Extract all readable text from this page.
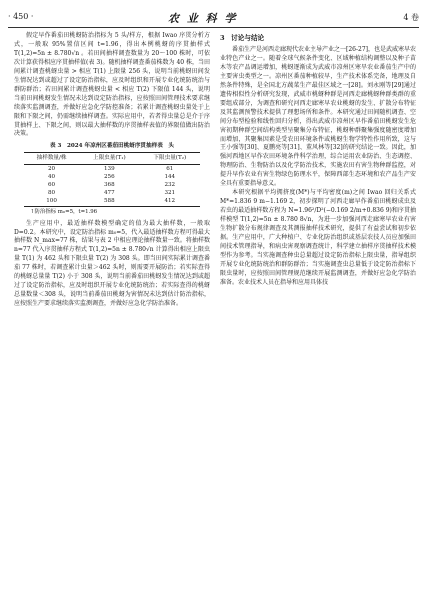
· 450 ·	农 业 科 学	4 卷

假定早作番茄田桃蚜防治指标为 5 头/样方，根据 Iwao 序贯分析方式，一般取 95%置信区间 t=1.96，得出本例桃蚜的序贯抽样式 T(1,2)=5n ± 8.780√n 。若田间抽样调查数量为 20～100 株时，可依次计算获得相应序贯抽样值(表 3)。随机抽样调查番茄株数为 40 株，当田间累计调查桃蚜虫量 > 相应 T(1) 上限量 256 头，说明当前桃蚜田间发生情况达到或超过了设定防治指标，应及时组织和开展专业化统防统治与群防群治；若田间累计调查桃蚜虫量 < 相应 T(2) 下限值 144 头，说明当前田间桃蚜发生情况未达到设定防治指标，应按照田间管理技术要求继续落实监测调查，并做好应急化学防控准备；若累计调查桃蚜虫量处于上限和下限之间，仍需继续抽样调查。实际应用中，若者得虫量总是介于序贯抽样上、下限之间，则以最大抽样数的序贯抽样表值的界限值做出防治决策。

表 3　2024 年凉州区番茄田桃蚜序贯抽样表　 头
抽样数量/株	上限虫量(T₁)	下限虫量(T₂)
20	139	61
40	256	144
60	368	232
80	477	321
100	588	412
↑防治指标 m₀=5，t=1.96

生产应用中，最适抽样数模型确定的值为最大抽样数，一般取 D=0.2。本研究中，设定防治指标 m₀=5，代入最适抽样数方程可得最大抽样数 N_max=77 株，结果与表 2 中相应理论抽样数量一致。将抽样数 n=77 代入序贯抽样方程式 T(1,2)=5n ± 8.780√n 计算得出相应上限虫量 T(1) 为 462 头和下限虫量 T(2) 为 308 头。即当田间实际累计调查番茄 77 株时，若调查累计虫量＞462 头时，则需要开展防治；若实际查得的桃蚜总量量 T(2) 小于 308 头，说明当前番茄田桃蚜发生情况达到或超过了设定防治指标，应及时组织开展专业化统防统治；若实际查得的桃蚜总量数量＜308 头，说明当前番茄田桃蚜为害情况未达到估计防治指标，应按照生产要求继续落实监测调查，并做好应急化学防治准备。

3　讨论与结论

番茄生产是河西走廊现代农业主导产业之一[26-27]，也是武威寒早农业特色产业之一。随着全球气候条件变化、区域种植结构调整以及种子苗木等农产品调运增加，桃蚜逐渐成为武威市凉州区寒旱农业番茄生产中的主要害虫类型之一。凉州区番茄种植较早，生产技术体系完备，地理及自然条件特殊，是全国北方蔬菜生产最佳区域之一[28]。刘永刚等[29]通过遗传相似性分析研究发现，武威市桃蚜种群是河西走廊桃蚜种群类群的重要组成部分，为调查和研究河西走廊寒早农业桃蚜的发生、扩散分布特征及其监测预警技术提供了理想场所和条件。本研究通过田间随机调查、空间分布型检验和线性回归分析，得出武威市凉州区早作番茄田桃蚜发生危害初期种群空间结构类型呈聚集分布特征，桃蚜种群聚集强度随密度增加而增加，其聚集因素是受农田环境条件或桃蚜生物学特性作用所致，这与王小强等[30]、夏鹏亮等[31]、董风林等[32]的研究结论一致。因此，加强河西地区早作农田环境条件科学治理，综合运用农业防治、生态调控、物理防治、生物防治以及化学防治技术，实施农田有害生物种群监控，对提升早作农业有害生物绿色防理水平，保障西部生态环境和农产品生产安全具有重要指导意义。

本研究根据平均拥挤度(M*)与平均密度(m)之间 Iwao 回归关系式 M*=1.836 9 m−1.169 2，初步探明了河西走廊早作番茄田桃蚜成虫及若虫的最适抽样数方程为 N=1.96²/D²(−0.169 2/m+0.836 9)和序贯抽样模型 T(1,2)=5n ± 8.780 8√n，为进一步加强河西走廊寒早农业有害生物扩散分布规律调查及其测报抽样技术研究，提供了有益尝试和初步依据。生产应用中，广大种植户、专业化防治组织或基层农技人员应加强田间技术管理指导，和病虫害观察调查统计，科学建立抽样序贯抽样技术模型作为参考。当实施调查种虫总量超过设定防治指标上限虫量，指导组织开展专业化统防统治和群防群治；当实施调查虫总量低于设定防治指标下限虫量时，应按照田间管理规范继续开展监测调查，并做好应急化学防治准备。农业技术人员在指导和应用具体技
